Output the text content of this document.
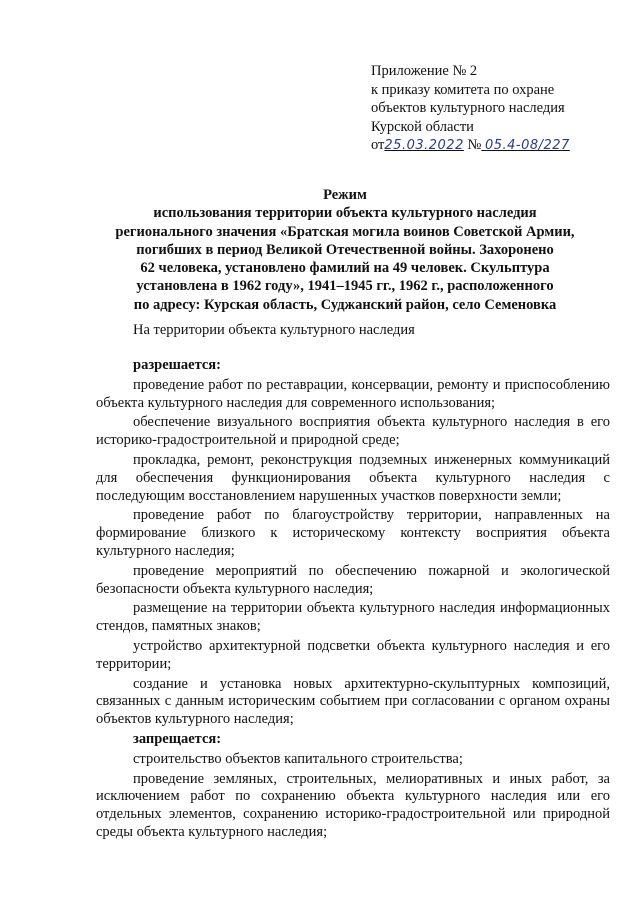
Приложение № 2
к приказу комитета по охране
объектов культурного наследия
Курской области
от25.03.2022 № 05.4-08/227
Режим
использования территории объекта культурного наследия
регионального значения «Братская могила воинов Советской Армии,
погибших в период Великой Отечественной войны. Захоронено
62 человека, установлено фамилий на 49 человек. Скульптура
установлена в 1962 году», 1941–1945 гг., 1962 г., расположенного
по адресу: Курская область, Суджанский район, село Семеновка
На территории объекта культурного наследия
разрешается:
проведение работ по реставрации, консервации, ремонту и приспособлению объекта культурного наследия для современного использования;
обеспечение визуального восприятия объекта культурного наследия в его историко-градостроительной и природной среде;
прокладка, ремонт, реконструкция подземных инженерных коммуникаций для обеспечения функционирования объекта культурного наследия с последующим восстановлением нарушенных участков поверхности земли;
проведение работ по благоустройству территории, направленных на формирование близкого к историческому контексту восприятия объекта культурного наследия;
проведение мероприятий по обеспечению пожарной и экологической безопасности объекта культурного наследия;
размещение на территории объекта культурного наследия информационных стендов, памятных знаков;
устройство архитектурной подсветки объекта культурного наследия и его территории;
создание и установка новых архитектурно-скульптурных композиций, связанных с данным историческим событием при согласовании с органом охраны объектов культурного наследия;
запрещается:
строительство объектов капитального строительства;
проведение земляных, строительных, мелиоративных и иных работ, за исключением работ по сохранению объекта культурного наследия или его отдельных элементов, сохранению историко-градостроительной или природной среды объекта культурного наследия;
